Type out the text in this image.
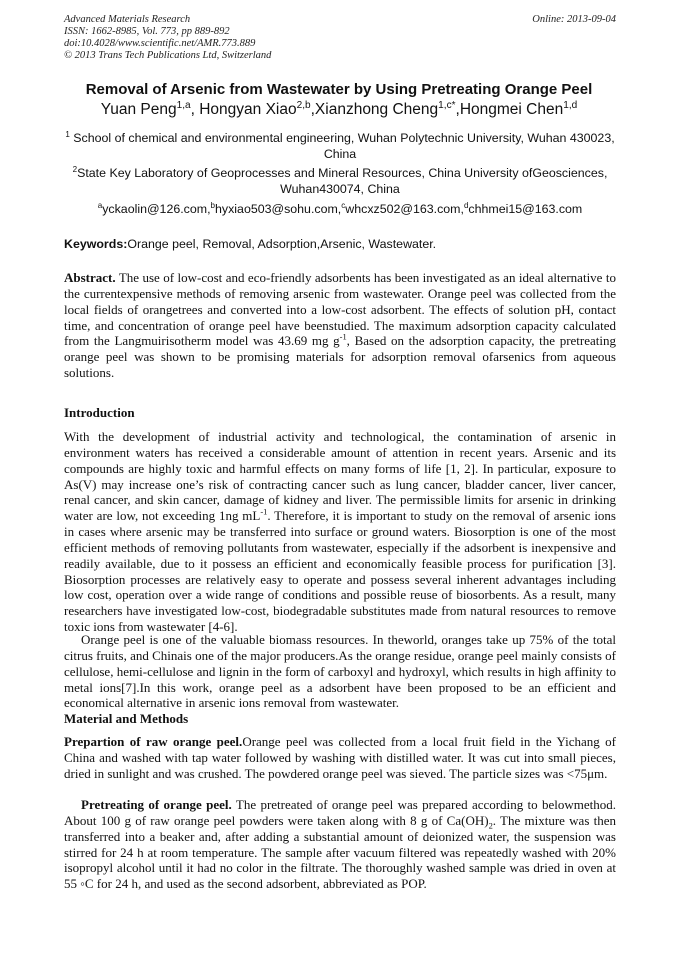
Advanced Materials Research
ISSN: 1662-8985, Vol. 773, pp 889-892
doi:10.4028/www.scientific.net/AMR.773.889
© 2013 Trans Tech Publications Ltd, Switzerland
Online: 2013-09-04
Removal of Arsenic from Wastewater by Using Pretreating Orange Peel
Yuan Peng$^{1,a}$, Hongyan Xiao$^{2,b}$,Xianzhong Cheng$^{1,c*}$,Hongmei Chen$^{1,d}$
$^1$ School of chemical and environmental engineering, Wuhan Polytechnic University, Wuhan 430023,
China
$^2$State Key Laboratory of Geoprocesses and Mineral Resources, China University ofGeosciences,
Wuhan430074, China
$^a$yckaolin@126.com,$^b$hyxiao503@sohu.com,$^c$whcxz502@163.com,$^d$chhmei15@163.com
Keywords:Orange peel, Removal, Adsorption,Arsenic, Wastewater.
Abstract. The use of low-cost and eco-friendly adsorbents has been investigated as an ideal alternative to the currentexpensive methods of removing arsenic from wastewater. Orange peel was collected from the local fields of orangetrees and converted into a low-cost adsorbent. The effects of solution pH, contact time, and concentration of orange peel have beenstudied. The maximum adsorption capacity calculated from the Langmuirisotherm model was 43.69 mg $g^{-1}$, Based on the adsorption capacity, the pretreating orange peel was shown to be promising materials for adsorption removal ofarsenics from aqueous solutions.
Introduction
With the development of industrial activity and technological, the contamination of arsenic in environment waters has received a considerable amount of attention in recent years. Arsenic and its compounds are highly toxic and harmful effects on many forms of life [1, 2]. In particular, exposure to As(V) may increase one’s risk of contracting cancer such as lung cancer, bladder cancer, liver cancer, renal cancer, and skin cancer, damage of kidney and liver. The permissible limits for arsenic in drinking water are low, not exceeding 1ng $mL^{-1}$. Therefore, it is important to study on the removal of arsenic ions in cases where arsenic may be transferred into surface or ground waters. Biosorption is one of the most efficient methods of removing pollutants from wastewater, especially if the adsorbent is inexpensive and readily available, due to it possess an efficient and economically feasible process for purification [3]. Biosorption processes are relatively easy to operate and possess several inherent advantages including low cost, operation over a wide range of conditions and possible reuse of biosorbents. As a result, many researchers have investigated low-cost, biodegradable substitutes made from natural resources to remove toxic ions from wastewater [4-6].
Orange peel is one of the valuable biomass resources. In theworld, oranges take up 75% of the total citrus fruits, and Chinais one of the major producers.As the orange residue, orange peel mainly consists of cellulose, hemi-cellulose and lignin in the form of carboxyl and hydroxyl, which results in high affinity to metal ions[7].In this work, orange peel as a adsorbent have been proposed to be an efficient and economical alternative in arsenic ions removal from wastewater.
Material and Methods
Prepartion of raw orange peel.Orange peel was collected from a local fruit field in the Yichang of China and washed with tap water followed by washing with distilled water. It was cut into small pieces, dried in sunlight and was crushed. The powdered orange peel was sieved. The particle sizes was <75μm.
Pretreating of orange peel. The pretreated of orange peel was prepared according to belowmethod. About 100 g of raw orange peel powders were taken along with 8 g of $Ca(OH)_2$. The mixture was then transferred into a beaker and, after adding a substantial amount of deionized water, the suspension was stirred for 24 h at room temperature. The sample after vacuum filtered was repeatedly washed with 20% isopropyl alcohol until it had no color in the filtrate. The thoroughly washed sample was dried in oven at 55 ◦C for 24 h, and used as the second adsorbent, abbreviated as POP.
